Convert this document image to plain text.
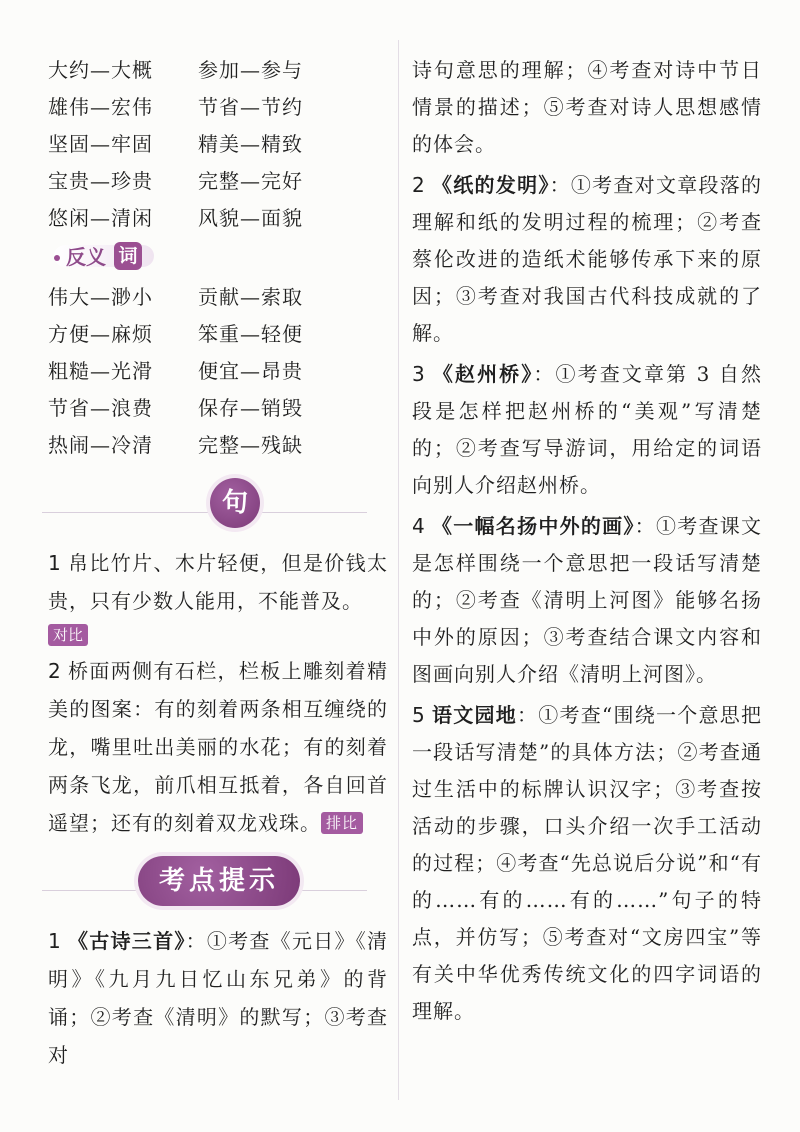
大约—大概	参加—参与
雄伟—宏伟	节省—节约
坚固—牢固	精美—精致
宝贵—珍贵	完整—完好
悠闲—清闲	风貌—面貌
反义 词
伟大—渺小	贡献—索取
方便—麻烦	笨重—轻便
粗糙—光滑	便宜—昂贵
节省—浪费	保存—销毁
热闹—冷清	完整—残缺
句

1 帛比竹片、木片轻便，但是价钱太贵，只有少数人能用，不能普及。

对比

2 桥面两侧有石栏，栏板上雕刻着精美的图案：有的刻着两条相互缠绕的龙，嘴里吐出美丽的水花；有的刻着两条飞龙，前爪相互抵着，各自回首遥望；还有的刻着双龙戏珠。 排比

考点提示

1 《古诗三首》：①考查《元日》《清明》《九月九日忆山东兄弟》的背诵；②考查《清明》的默写；③考查对

诗句意思的理解；④考查对诗中节日情景的描述；⑤考查对诗人思想感情的体会。

2 《纸的发明》：①考查对文章段落的理解和纸的发明过程的梳理；②考查蔡伦改进的造纸术能够传承下来的原因；③考查对我国古代科技成就的了解。

3 《赵州桥》：①考查文章第 3 自然段是怎样把赵州桥的“美观”写清楚的；②考查写导游词，用给定的词语向别人介绍赵州桥。

4 《一幅名扬中外的画》：①考查课文是怎样围绕一个意思把一段话写清楚的；②考查《清明上河图》能够名扬中外的原因；③考查结合课文内容和图画向别人介绍《清明上河图》。

5 语文园地：①考查“围绕一个意思把一段话写清楚”的具体方法；②考查通过生活中的标牌认识汉字；③考查按活动的步骤，口头介绍一次手工活动的过程；④考查“先总说后分说”和“有的……有的……有的……”句子的特点，并仿写；⑤考查对“文房四宝”等有关中华优秀传统文化的四字词语的理解。
